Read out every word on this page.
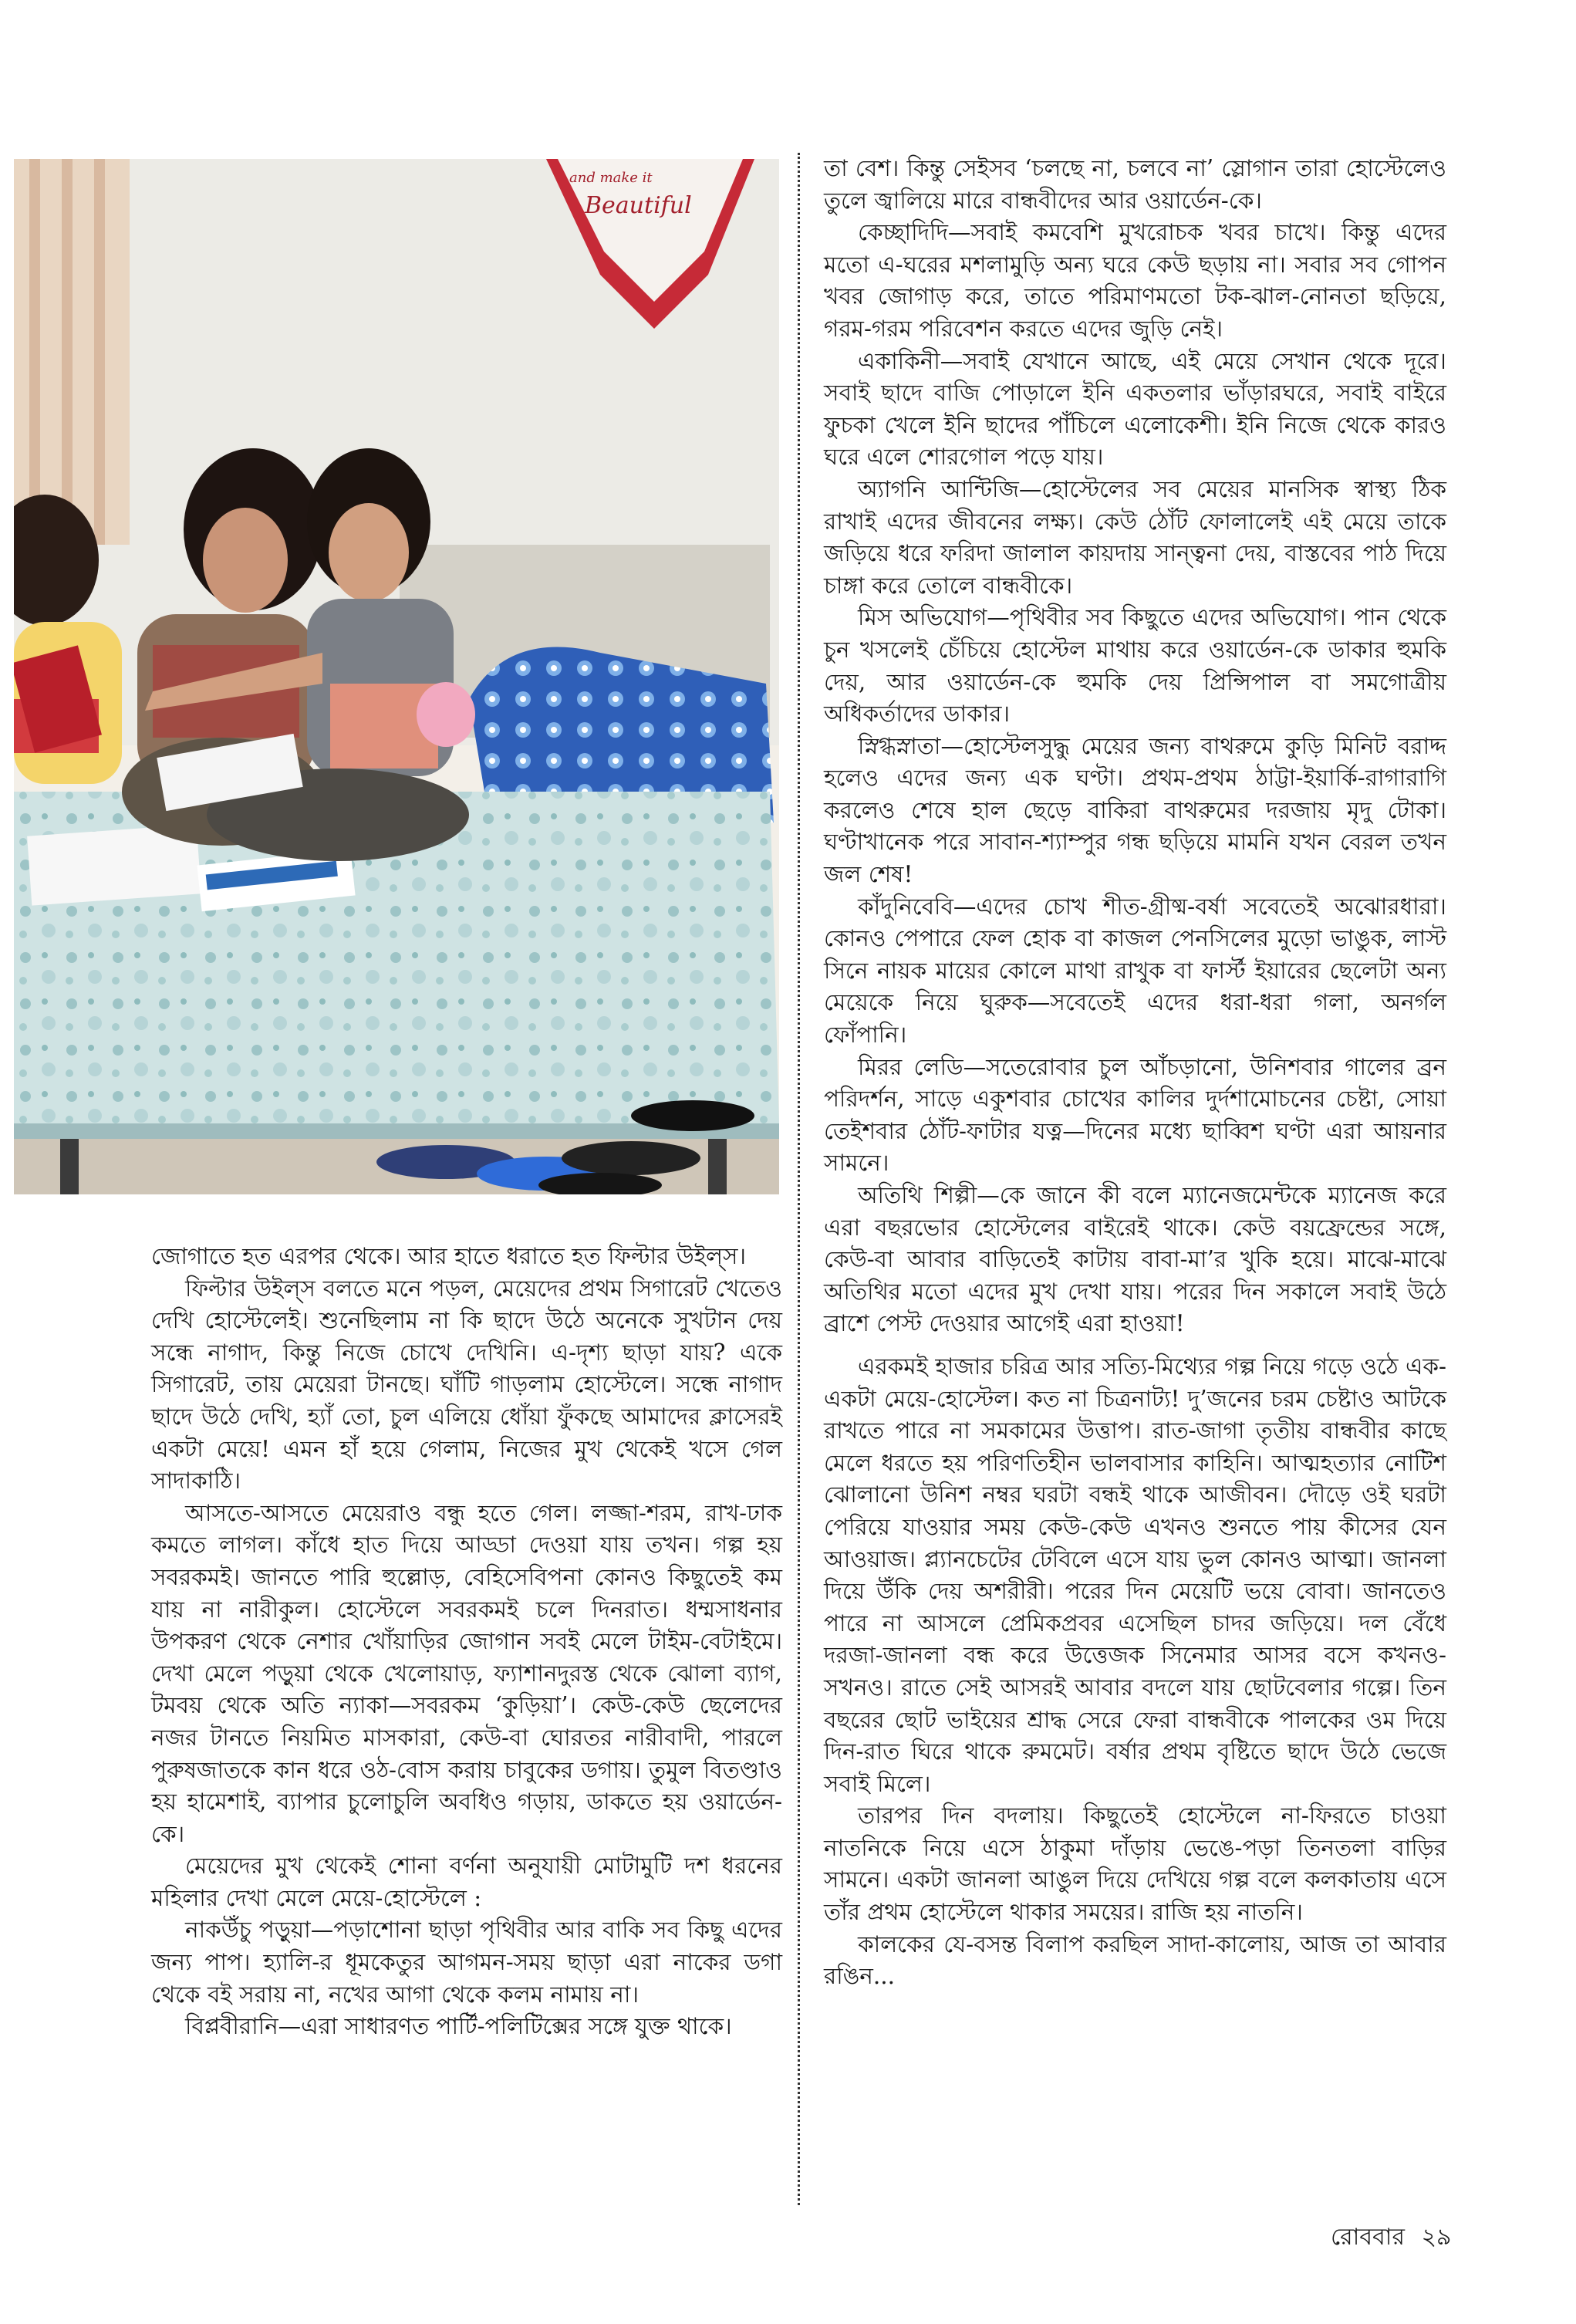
and make it
Beautiful

তা বেশ। কিন্তু সেইসব ‘চলছে না, চলবে না’ স্লোগান তারা হোস্টেলেও তুলে জ্বালিয়ে মারে বান্ধবীদের আর ওয়ার্ডেন-কে।

কেচ্ছাদিদি—সবাই কমবেশি মুখরোচক খবর চাখে। কিন্তু এদের মতো এ-ঘরের মশলামুড়ি অন্য ঘরে কেউ ছড়ায় না। সবার সব গোপন খবর জোগাড় করে, তাতে পরিমাণমতো টক-ঝাল-নোনতা ছড়িয়ে, গরম-গরম পরিবেশন করতে এদের জুড়ি নেই।

একাকিনী—সবাই যেখানে আছে, এই মেয়ে সেখান থেকে দূরে। সবাই ছাদে বাজি পোড়ালে ইনি একতলার ভাঁড়ারঘরে, সবাই বাইরে ফুচকা খেলে ইনি ছাদের পাঁচিলে এলোকেশী। ইনি নিজে থেকে কারও ঘরে এলে শোরগোল পড়ে যায়।

অ্যাগনি আন্টিজি—হোস্টেলের সব মেয়ের মানসিক স্বাস্থ্য ঠিক রাখাই এদের জীবনের লক্ষ্য। কেউ ঠোঁট ফোলালেই এই মেয়ে তাকে জড়িয়ে ধরে ফরিদা জালাল কায়দায় সান্ত্বনা দেয়, বাস্তবের পাঠ দিয়ে চাঙ্গা করে তোলে বান্ধবীকে।

মিস অভিযোগ—পৃথিবীর সব কিছুতে এদের অভিযোগ। পান থেকে চুন খসলেই চেঁচিয়ে হোস্টেল মাথায় করে ওয়ার্ডেন-কে ডাকার হুমকি দেয়, আর ওয়ার্ডেন-কে হুমকি দেয় প্রিন্সিপাল বা সমগোত্রীয় অধিকর্তাদের ডাকার।

স্নিগ্ধস্নাতা—হোস্টেলসুদ্ধু মেয়ের জন্য বাথরুমে কুড়ি মিনিট বরাদ্দ হলেও এদের জন্য এক ঘণ্টা। প্রথম-প্রথম ঠাট্টা-ইয়ার্কি-রাগারাগি করলেও শেষে হাল ছেড়ে বাকিরা বাথরুমের দরজায় মৃদু টোকা। ঘণ্টাখানেক পরে সাবান-শ্যাম্পুর গন্ধ ছড়িয়ে মামনি যখন বেরল তখন জল শেষ!

কাঁদুনিবেবি—এদের চোখ শীত-গ্রীষ্ম-বর্ষা সবেতেই অঝোরধারা। কোনও পেপারে ফেল হোক বা কাজল পেনসিলের মুড়ো ভাঙুক, লাস্ট সিনে নায়ক মায়ের কোলে মাথা রাখুক বা ফার্স্ট ইয়ারের ছেলেটা অন্য মেয়েকে নিয়ে ঘুরুক—সবেতেই এদের ধরা-ধরা গলা, অনর্গল ফোঁপানি।

মিরর লেডি—সতেরোবার চুল আঁচড়ানো, উনিশবার গালের ব্রন পরিদর্শন, সাড়ে একুশবার চোখের কালির দুর্দশামোচনের চেষ্টা, সোয়া তেইশবার ঠোঁট-ফাটার যত্ন—দিনের মধ্যে ছাব্বিশ ঘণ্টা এরা আয়নার সামনে।

অতিথি শিল্পী—কে জানে কী বলে ম্যানেজমেন্টকে ম্যানেজ করে এরা বছরভোর হোস্টেলের বাইরেই থাকে। কেউ বয়ফ্রেন্ডের সঙ্গে, কেউ-বা আবার বাড়িতেই কাটায় বাবা-মা’র খুকি হয়ে। মাঝে-মাঝে অতিথির মতো এদের মুখ দেখা যায়। পরের দিন সকালে সবাই উঠে ব্রাশে পেস্ট দেওয়ার আগেই এরা হাওয়া!

এরকমই হাজার চরিত্র আর সত্যি-মিথ্যের গল্প নিয়ে গড়ে ওঠে এক-একটা মেয়ে-হোস্টেল। কত না চিত্রনাট্য! দু’জনের চরম চেষ্টাও আটকে রাখতে পারে না সমকামের উত্তাপ। রাত-জাগা তৃতীয় বান্ধবীর কাছে মেলে ধরতে হয় পরিণতিহীন ভালবাসার কাহিনি। আত্মহত্যার নোটিশ ঝোলানো উনিশ নম্বর ঘরটা বন্ধই থাকে আজীবন। দৌড়ে ওই ঘরটা পেরিয়ে যাওয়ার সময় কেউ-কেউ এখনও শুনতে পায় কীসের যেন আওয়াজ। প্ল্যানচেটের টেবিলে এসে যায় ভুল কোনও আত্মা। জানলা দিয়ে উঁকি দেয় অশরীরী। পরের দিন মেয়েটি ভয়ে বোবা। জানতেও পারে না আসলে প্রেমিকপ্রবর এসেছিল চাদর জড়িয়ে। দল বেঁধে দরজা-জানলা বন্ধ করে উত্তেজক সিনেমার আসর বসে কখনও-সখনও। রাতে সেই আসরই আবার বদলে যায় ছোটবেলার গল্পে। তিন বছরের ছোট ভাইয়ের শ্রাদ্ধ সেরে ফেরা বান্ধবীকে পালকের ওম দিয়ে দিন-রাত ঘিরে থাকে রুমমেট। বর্ষার প্রথম বৃষ্টিতে ছাদে উঠে ভেজে সবাই মিলে।

তারপর দিন বদলায়। কিছুতেই হোস্টেলে না-ফিরতে চাওয়া নাতনিকে নিয়ে এসে ঠাকুমা দাঁড়ায় ভেঙে-পড়া তিনতলা বাড়ির সামনে। একটা জানলা আঙুল দিয়ে দেখিয়ে গল্প বলে কলকাতায় এসে তাঁর প্রথম হোস্টেলে থাকার সময়ের। রাজি হয় নাতনি।

কালকের যে-বসন্ত বিলাপ করছিল সাদা-কালোয়, আজ তা আবার রঙিন...

জোগাতে হত এরপর থেকে। আর হাতে ধরাতে হত ফিল্টার উইল্স।

ফিল্টার উইল্স বলতে মনে পড়ল, মেয়েদের প্রথম সিগারেট খেতেও দেখি হোস্টেলেই। শুনেছিলাম না কি ছাদে উঠে অনেকে সুখটান দেয় সন্ধে নাগাদ, কিন্তু নিজে চোখে দেখিনি। এ-দৃশ্য ছাড়া যায়? একে সিগারেট, তায় মেয়েরা টানছে। ঘাঁটি গাড়লাম হোস্টেলে। সন্ধে নাগাদ ছাদে উঠে দেখি, হ্যাঁ তো, চুল এলিয়ে ধোঁয়া ফুঁকছে আমাদের ক্লাসেরই একটা মেয়ে! এমন হাঁ হয়ে গেলাম, নিজের মুখ থেকেই খসে গেল সাদাকাঠি।

আসতে-আসতে মেয়েরাও বন্ধু হতে গেল। লজ্জা-শরম, রাখ-ঢাক কমতে লাগল। কাঁধে হাত দিয়ে আড্ডা দেওয়া যায় তখন। গল্প হয় সবরকমই। জানতে পারি হুল্লোড়, বেহিসেবিপনা কোনও কিছুতেই কম যায় না নারীকুল। হোস্টেলে সবরকমই চলে দিনরাত। ধম্মসাধনার উপকরণ থেকে নেশার খোঁয়াড়ির জোগান সবই মেলে টাইম-বেটাইমে। দেখা মেলে পড়ুয়া থেকে খেলোয়াড়, ফ্যাশানদুরস্ত থেকে ঝোলা ব্যাগ, টমবয় থেকে অতি ন্যাকা—সবরকম ‘কুড়িয়া’। কেউ-কেউ ছেলেদের নজর টানতে নিয়মিত মাসকারা, কেউ-বা ঘোরতর নারীবাদী, পারলে পুরুষজাতকে কান ধরে ওঠ-বোস করায় চাবুকের ডগায়। তুমুল বিতণ্ডাও হয় হামেশাই, ব্যাপার চুলোচুলি অবধিও গড়ায়, ডাকতে হয় ওয়ার্ডেন-কে।

মেয়েদের মুখ থেকেই শোনা বর্ণনা অনুযায়ী মোটামুটি দশ ধরনের মহিলার দেখা মেলে মেয়ে-হোস্টেলে :

নাকউঁচু পড়ুয়া—পড়াশোনা ছাড়া পৃথিবীর আর বাকি সব কিছু এদের জন্য পাপ। হ্যালি-র ধূমকেতুর আগমন-সময় ছাড়া এরা নাকের ডগা থেকে বই সরায় না, নখের আগা থেকে কলম নামায় না।

বিপ্লবীরানি—এরা সাধারণত পার্টি-পলিটিক্সের সঙ্গে যুক্ত থাকে।

রোববার ২৯
